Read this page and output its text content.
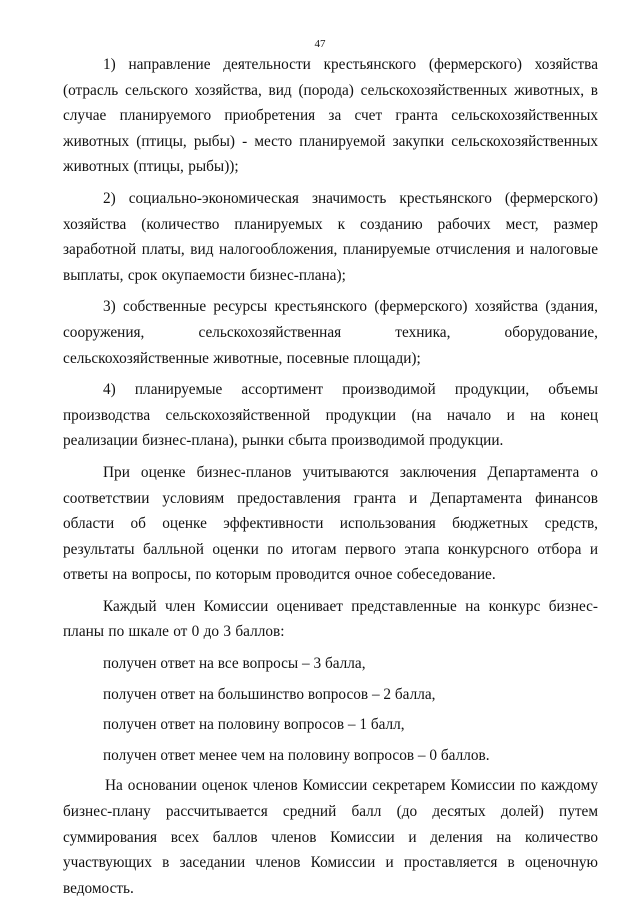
47

1) направление деятельности крестьянского (фермерского) хозяйства (отрасль сельского хозяйства, вид (порода) сельскохозяйственных животных, в случае планируемого приобретения за счет гранта сельскохозяйственных животных (птицы, рыбы) - место планируемой закупки сельскохозяйственных животных (птицы, рыбы));

2) социально-экономическая значимость крестьянского (фермерского) хозяйства (количество планируемых к созданию рабочих мест, размер заработной платы, вид налогообложения, планируемые отчисления и налоговые выплаты, срок окупаемости бизнес-плана);

3) собственные ресурсы крестьянского (фермерского) хозяйства (здания, сооружения, сельскохозяйственная техника, оборудование, сельскохозяйственные животные, посевные площади);

4) планируемые ассортимент производимой продукции, объемы производства сельскохозяйственной продукции (на начало и на конец реализации бизнес-плана), рынки сбыта производимой продукции.

При оценке бизнес-планов учитываются заключения Департамента о соответствии условиям предоставления гранта и Департамента финансов области об оценке эффективности использования бюджетных средств, результаты балльной оценки по итогам первого этапа конкурсного отбора и ответы на вопросы, по которым проводится очное собеседование.

Каждый член Комиссии оценивает представленные на конкурс бизнес-планы по шкале от 0 до 3 баллов:

получен ответ на все вопросы – 3 балла,

получен ответ на большинство вопросов – 2 балла,

получен ответ на половину вопросов – 1 балл,

получен ответ менее чем на половину вопросов – 0 баллов.

На основании оценок членов Комиссии секретарем Комиссии по каждому бизнес-плану рассчитывается средний балл (до десятых долей) путем суммирования всех баллов членов Комиссии и деления на количество участвующих в заседании членов Комиссии и проставляется в оценочную ведомость.
